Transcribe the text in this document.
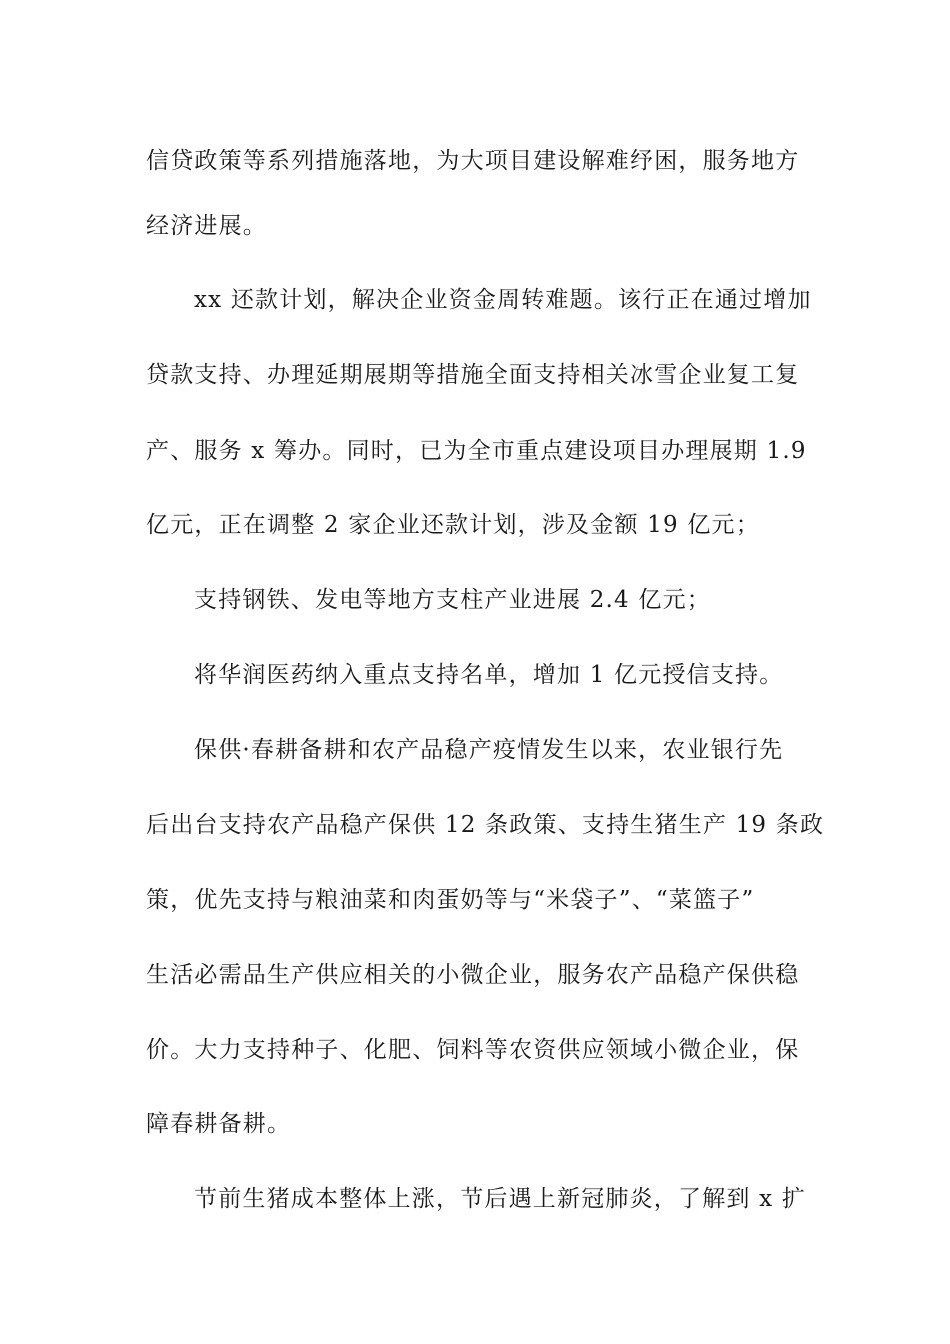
信贷政策等系列措施落地，为大项目建设解难纾困，服务地方
经济进展。
xx 还款计划，解决企业资金周转难题。该行正在通过增加
贷款支持、办理延期展期等措施全面支持相关冰雪企业复工复
产、服务 x 筹办。同时，已为全市重点建设项目办理展期 1.9
亿元，正在调整 2 家企业还款计划，涉及金额 19 亿元；
支持钢铁、发电等地方支柱产业进展 2.4 亿元；
将华润医药纳入重点支持名单，增加 1 亿元授信支持。
保供·春耕备耕和农产品稳产疫情发生以来，农业银行先
后出台支持农产品稳产保供 12 条政策、支持生猪生产 19 条政
策，优先支持与粮油菜和肉蛋奶等与“米袋子”、“菜篮子”
生活必需品生产供应相关的小微企业，服务农产品稳产保供稳
价。大力支持种子、化肥、饲料等农资供应领域小微企业，保
障春耕备耕。
节前生猪成本整体上涨，节后遇上新冠肺炎，了解到 x 扩
